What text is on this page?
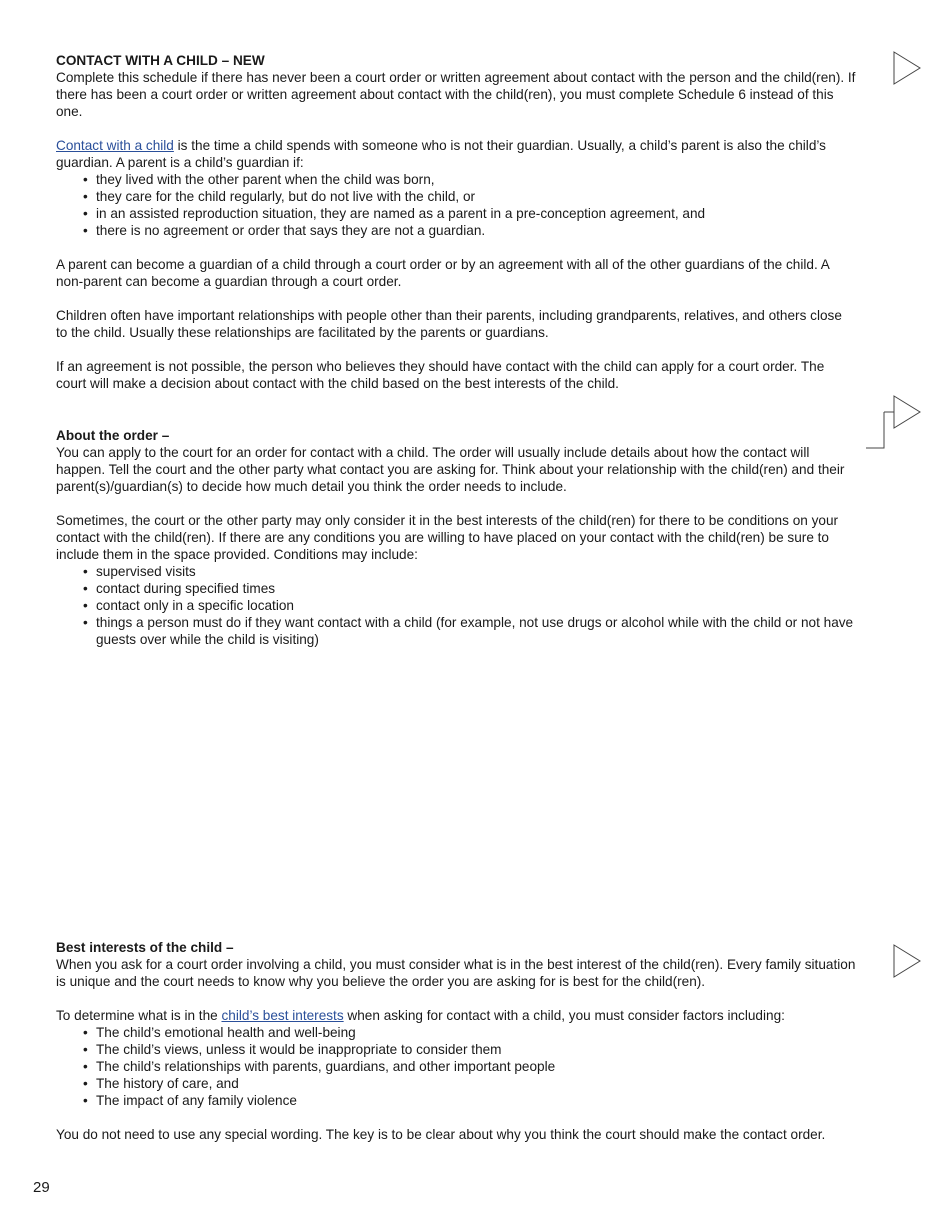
CONTACT WITH A CHILD – NEW

Complete this schedule if there has never been a court order or written agreement about contact with the person and the child(ren). If there has been a court order or written agreement about contact with the child(ren), you must complete Schedule 6 instead of this one.

Contact with a child is the time a child spends with someone who is not their guardian. Usually, a child’s parent is also the child’s guardian. A parent is a child’s guardian if:

• they lived with the other parent when the child was born,
• they care for the child regularly, but do not live with the child, or
• in an assisted reproduction situation, they are named as a parent in a pre-conception agreement, and
• there is no agreement or order that says they are not a guardian.

A parent can become a guardian of a child through a court order or by an agreement with all of the other guardians of the child. A non-parent can become a guardian through a court order.

Children often have important relationships with people other than their parents, including grandparents, relatives, and others close to the child. Usually these relationships are facilitated by the parents or guardians.

If an agreement is not possible, the person who believes they should have contact with the child can apply for a court order. The court will make a decision about contact with the child based on the best interests of the child.

About the order –

You can apply to the court for an order for contact with a child. The order will usually include details about how the contact will happen. Tell the court and the other party what contact you are asking for. Think about your relationship with the child(ren) and their parent(s)/guardian(s) to decide how much detail you think the order needs to include.

Sometimes, the court or the other party may only consider it in the best interests of the child(ren) for there to be conditions on your contact with the child(ren). If there are any conditions you are willing to have placed on your contact with the child(ren) be sure to include them in the space provided. Conditions may include:

• supervised visits
• contact during specified times
• contact only in a specific location
• things a person must do if they want contact with a child (for example, not use drugs or alcohol while with the child or not have guests over while the child is visiting)
Best interests of the child –

When you ask for a court order involving a child, you must consider what is in the best interest of the child(ren). Every family situation is unique and the court needs to know why you believe the order you are asking for is best for the child(ren).

To determine what is in the child’s best interests when asking for contact with a child, you must consider factors including:

• The child’s emotional health and well-being
• The child’s views, unless it would be inappropriate to consider them
• The child’s relationships with parents, guardians, and other important people
• The history of care, and
• The impact of any family violence

You do not need to use any special wording. The key is to be clear about why you think the court should make the contact order.

29
